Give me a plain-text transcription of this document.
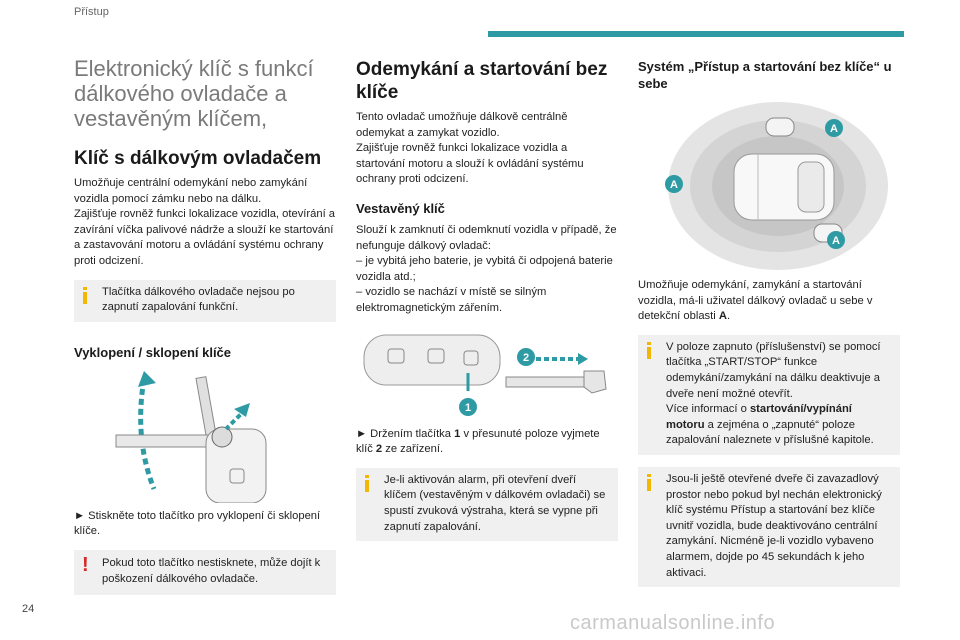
Přístup
Elektronický klíč s funkcí dálkového ovladače a vestavěným klíčem,
Klíč s dálkovým ovladačem

Umožňuje centrální odemykání nebo zamykání vozidla pomocí zámku nebo na dálku.

Zajišťuje rovněž funkci lokalizace vozidla, otevírání a zavírání víčka palivové nádrže a slouží ke startování a zastavování motoru a ovládání systému ochrany proti odcizení.

Tlačítka dálkového ovladače nejsou po zapnutí zapalování funkční.
Vyklopení / sklopení klíče

► Stiskněte toto tlačítko pro vyklopení či sklopení klíče.

! Pokud toto tlačítko nestisknete, může dojít k poškození dálkového ovladače.
Odemykání a startování bez klíče

Tento ovladač umožňuje dálkově centrálně odemykat a zamykat vozidlo.

Zajišťuje rovněž funkci lokalizace vozidla a startování motoru a slouží k ovládání systému ochrany proti odcizení.

Vestavěný klíč

Slouží k zamknutí či odemknutí vozidla v případě, že nefunguje dálkový ovladač:

– je vybitá jeho baterie, je vybitá či odpojená baterie vozidla atd.;

– vozidlo se nachází v místě se silným elektromagnetickým zářením.

2
1

► Držením tlačítka 1 v přesunuté poloze vyjmete klíč 2 ze zařízení.

Je-li aktivován alarm, při otevření dveří klíčem (vestavěným v dálkovém ovladači) se spustí zvuková výstraha, která se vypne při zapnutí zapalování.
Systém „Přístup a startování bez klíče“ u sebe
A
A
A

Umožňuje odemykání, zamykání a startování vozidla, má-li uživatel dálkový ovladač u sebe v detekční oblasti A.

V poloze zapnuto (příslušenství) se pomocí tlačítka „START/STOP“ funkce odemykání/zamykání na dálku deaktivuje a dveře není možné otevřít.
Více informací o startování/vypínání motoru a zejména o „zapnuté“ poloze zapalování naleznete v příslušné kapitole.
Jsou-li ještě otevřené dveře či zavazadlový prostor nebo pokud byl nechán elektronický klíč systému Přístup a startování bez klíče uvnitř vozidla, bude deaktivováno centrální zamykání. Nicméně je-li vozidlo vybaveno alarmem, dojde po 45 sekundách k jeho aktivaci.
24
carmanualsonline.info
